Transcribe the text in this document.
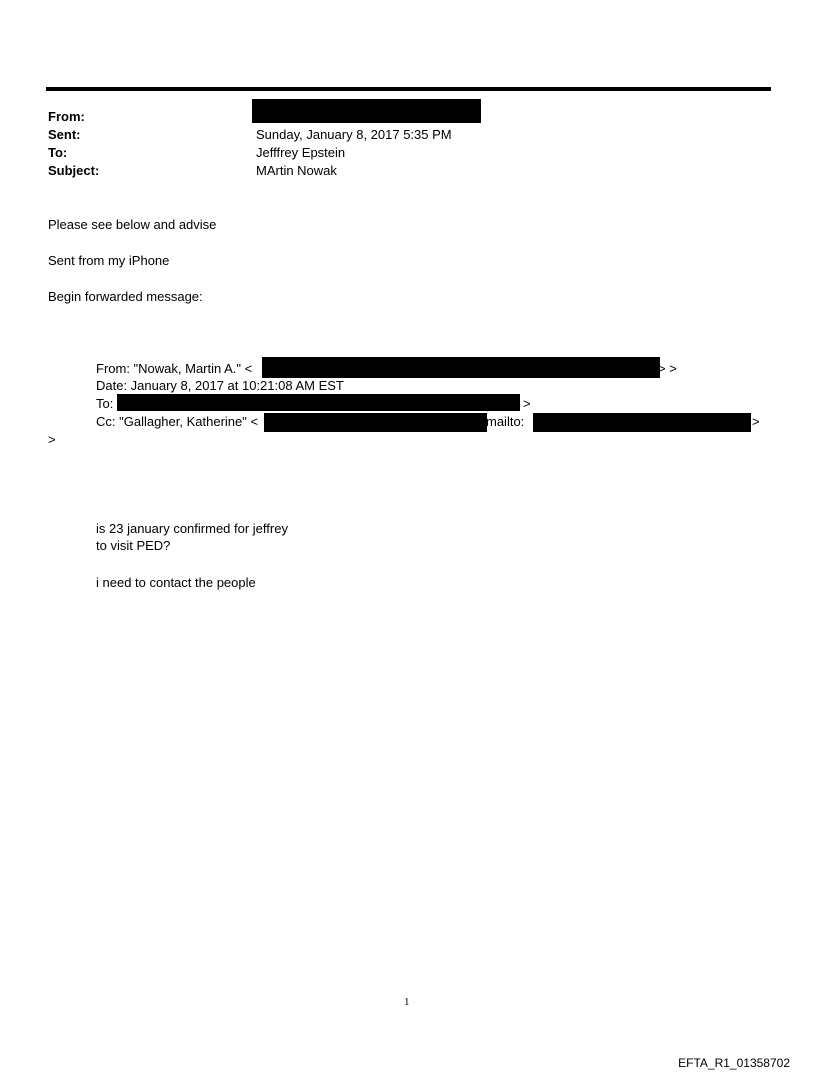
From:
Sent:	Sunday, January 8, 2017 5:35 PM
To:	Jefffrey Epstein
Subject:	MArtin Nowak
Please see below and advise
Sent from my iPhone
Begin forwarded message:
From: "Nowak, Martin A." <	> >
Date: January 8, 2017 at 10:21:08 AM EST
To:	>
Cc: "Gallagher, Katherine" <	mailto:	>
>
is 23 january confirmed for jeffrey
to visit PED?
i need to contact the people
1
EFTA_R1_01358702
